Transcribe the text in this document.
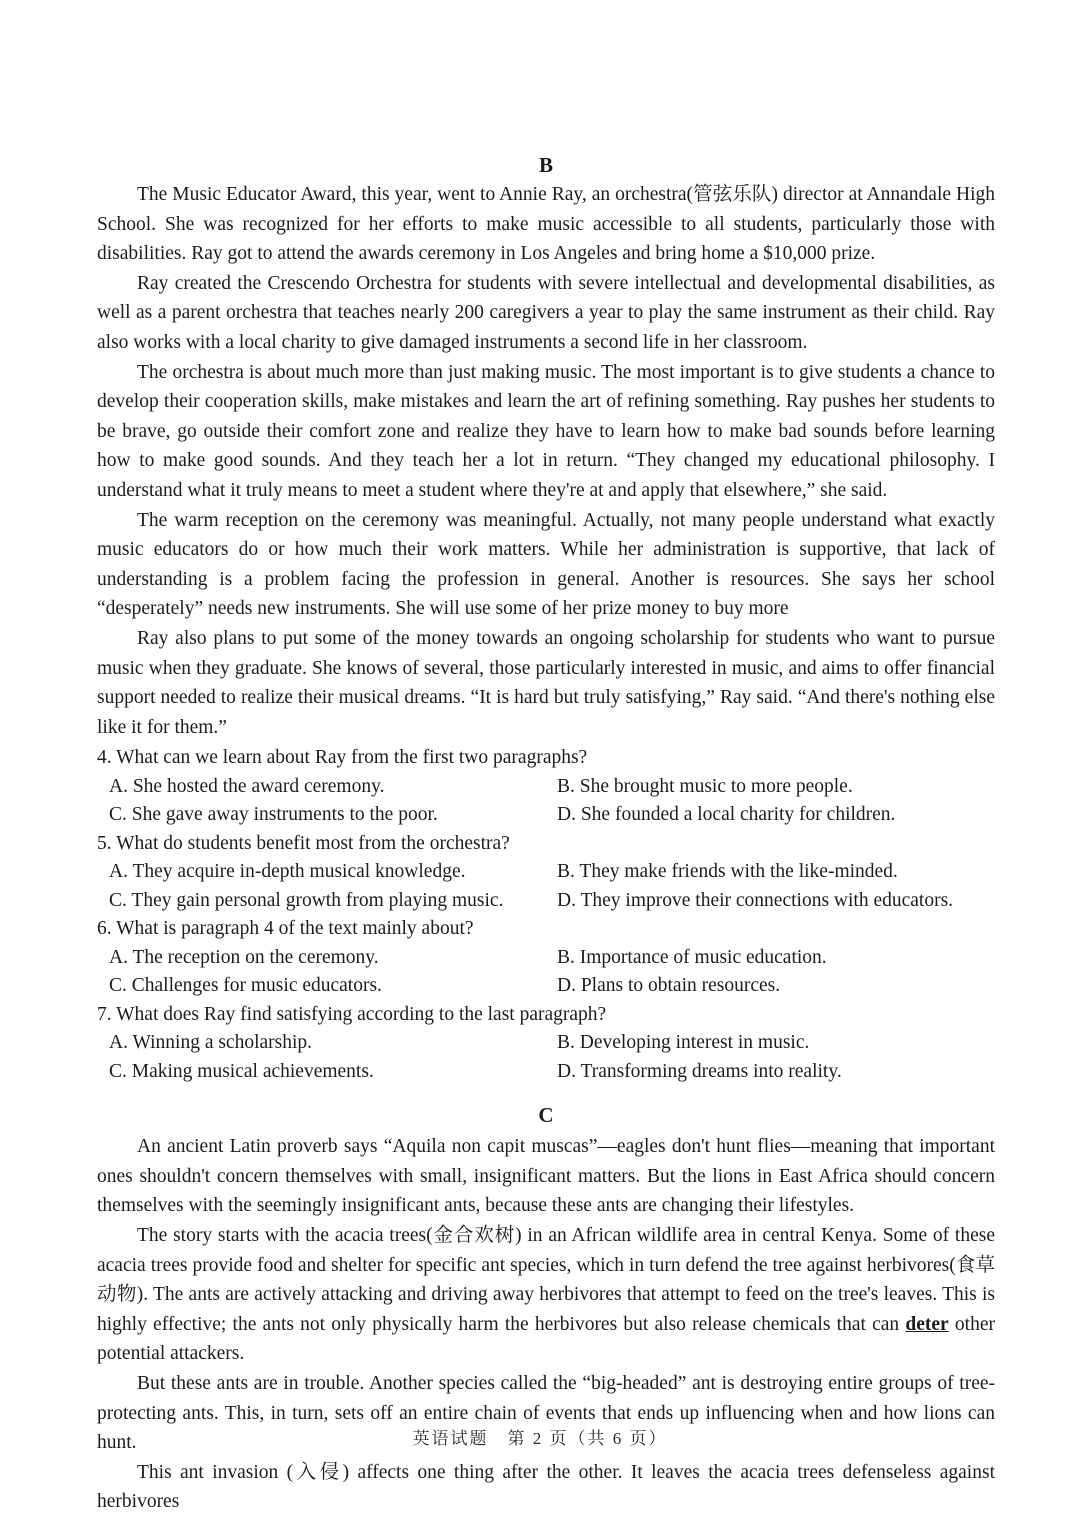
B

The Music Educator Award, this year, went to Annie Ray, an orchestra(管弦乐队) director at Annandale High School. She was recognized for her efforts to make music accessible to all students, particularly those with disabilities. Ray got to attend the awards ceremony in Los Angeles and bring home a $10,000 prize.

Ray created the Crescendo Orchestra for students with severe intellectual and developmental disabilities, as well as a parent orchestra that teaches nearly 200 caregivers a year to play the same instrument as their child. Ray also works with a local charity to give damaged instruments a second life in her classroom.

The orchestra is about much more than just making music. The most important is to give students a chance to develop their cooperation skills, make mistakes and learn the art of refining something. Ray pushes her students to be brave, go outside their comfort zone and realize they have to learn how to make bad sounds before learning how to make good sounds. And they teach her a lot in return. “They changed my educational philosophy. I understand what it truly means to meet a student where they're at and apply that elsewhere,” she said.

The warm reception on the ceremony was meaningful. Actually, not many people understand what exactly music educators do or how much their work matters. While her administration is supportive, that lack of understanding is a problem facing the profession in general. Another is resources. She says her school “desperately” needs new instruments. She will use some of her prize money to buy more

Ray also plans to put some of the money towards an ongoing scholarship for students who want to pursue music when they graduate. She knows of several, those particularly interested in music, and aims to offer financial support needed to realize their musical dreams. “It is hard but truly satisfying,” Ray said. “And there's nothing else like it for them.”

4. What can we learn about Ray from the first two paragraphs?
A. She hosted the award ceremony.	B. She brought music to more people.
C. She gave away instruments to the poor.	D. She founded a local charity for children.
5. What do students benefit most from the orchestra?
A. They acquire in-depth musical knowledge.	B. They make friends with the like-minded.
C. They gain personal growth from playing music.	D. They improve their connections with educators.
6. What is paragraph 4 of the text mainly about?
A. The reception on the ceremony.	B. Importance of music education.
C. Challenges for music educators.	D. Plans to obtain resources.
7. What does Ray find satisfying according to the last paragraph?
A. Winning a scholarship.	B. Developing interest in music.
C. Making musical achievements.	D. Transforming dreams into reality.
C

An ancient Latin proverb says “Aquila non capit muscas”—eagles don't hunt flies—meaning that important ones shouldn't concern themselves with small, insignificant matters. But the lions in East Africa should concern themselves with the seemingly insignificant ants, because these ants are changing their lifestyles.

The story starts with the acacia trees(金合欢树) in an African wildlife area in central Kenya. Some of these acacia trees provide food and shelter for specific ant species, which in turn defend the tree against herbivores(食草动物). The ants are actively attacking and driving away herbivores that attempt to feed on the tree's leaves. This is highly effective; the ants not only physically harm the herbivores but also release chemicals that can deter other potential attackers.

But these ants are in trouble. Another species called the “big-headed” ant is destroying entire groups of tree-protecting ants. This, in turn, sets off an entire chain of events that ends up influencing when and how lions can hunt.

This ant invasion (入侵) affects one thing after the other. It leaves the acacia trees defenseless against herbivores

英语试题　第 2 页（共 6 页）
